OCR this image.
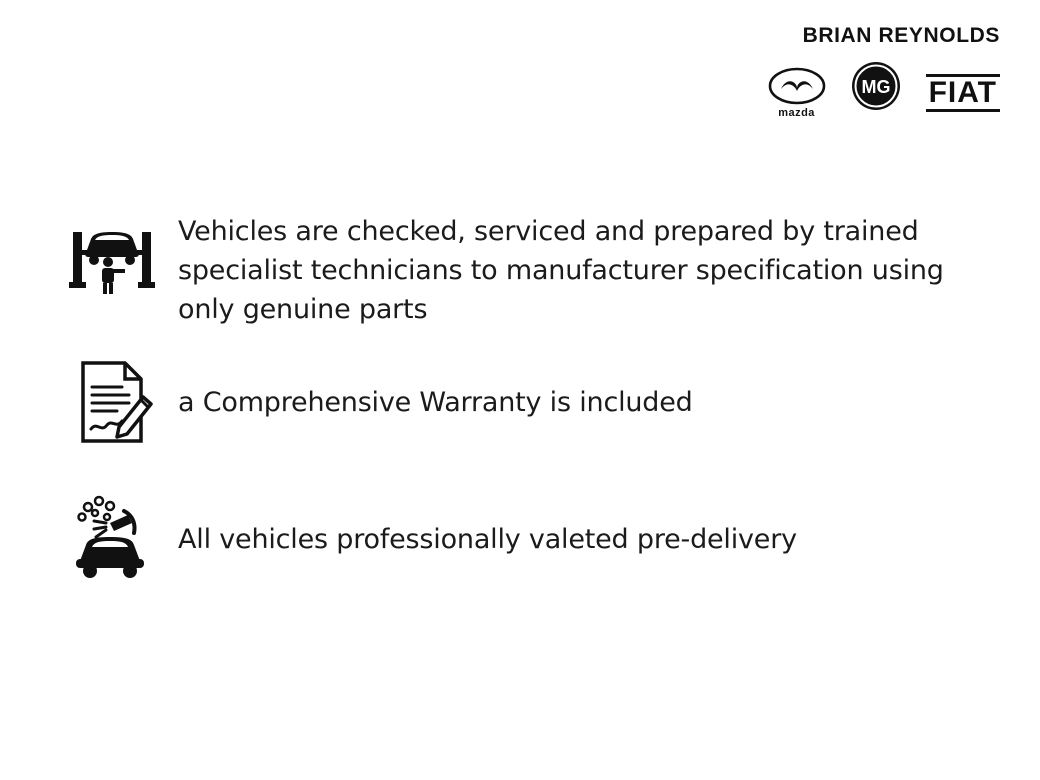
BRIAN REYNOLDS
mazda
MG FIAT
Vehicles are checked, serviced and prepared by trained specialist technicians to manufacturer specification using only genuine parts
a Comprehensive Warranty is included
All vehicles professionally valeted pre-delivery
